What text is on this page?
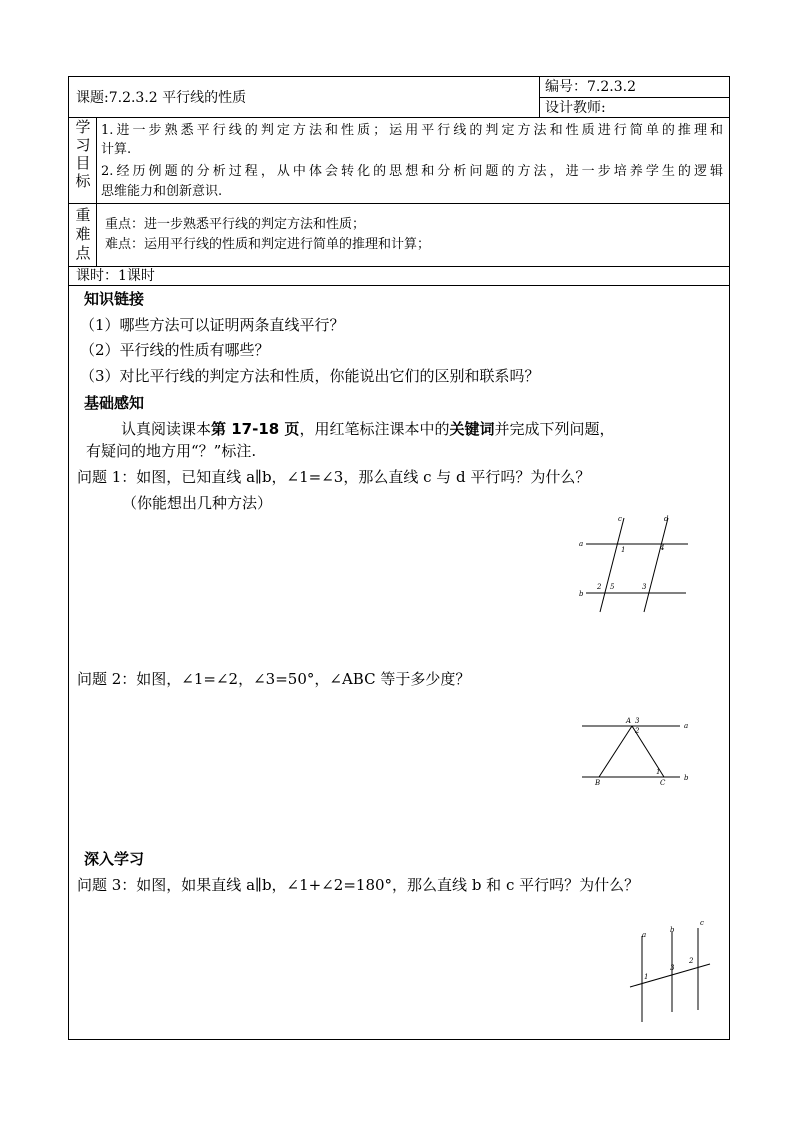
课题:7.2.3.2 平行线的性质
编号：7.2.3.2
设计教师:
学
习
目
标
1.进一步熟悉平行线的判定方法和性质；运用平行线的判定方法和性质进行简单的推理和
计算.
2.经历例题的分析过程，从中体会转化的思想和分析问题的方法，进一步培养学生的逻辑
思维能力和创新意识.
重
难
点
重点：进一步熟悉平行线的判定方法和性质；
难点：运用平行线的性质和判定进行简单的推理和计算；
课时：1课时
知识链接
（1）哪些方法可以证明两条直线平行？
（2）平行线的性质有哪些？
（3）对比平行线的判定方法和性质，你能说出它们的区别和联系吗？
基础感知
认真阅读课本第 17-18 页，用红笔标注课本中的关键词并完成下列问题，
有疑问的地方用“？”标注.
问题 1：如图，已知直线 a∥b，∠1=∠3，那么直线 c 与 d 平行吗？为什么？
（你能想出几种方法）
c	d
a
b
1	4
2 5	3
问题 2：如图，∠1=∠2，∠3=50°，∠ABC 等于多少度？
A 3
2
a
1
B	C
b
深入学习
问题 3：如图，如果直线 a∥b，∠1+∠2=180°，那么直线 b 和 c 平行吗？为什么？
a
b
c
1
3
2
